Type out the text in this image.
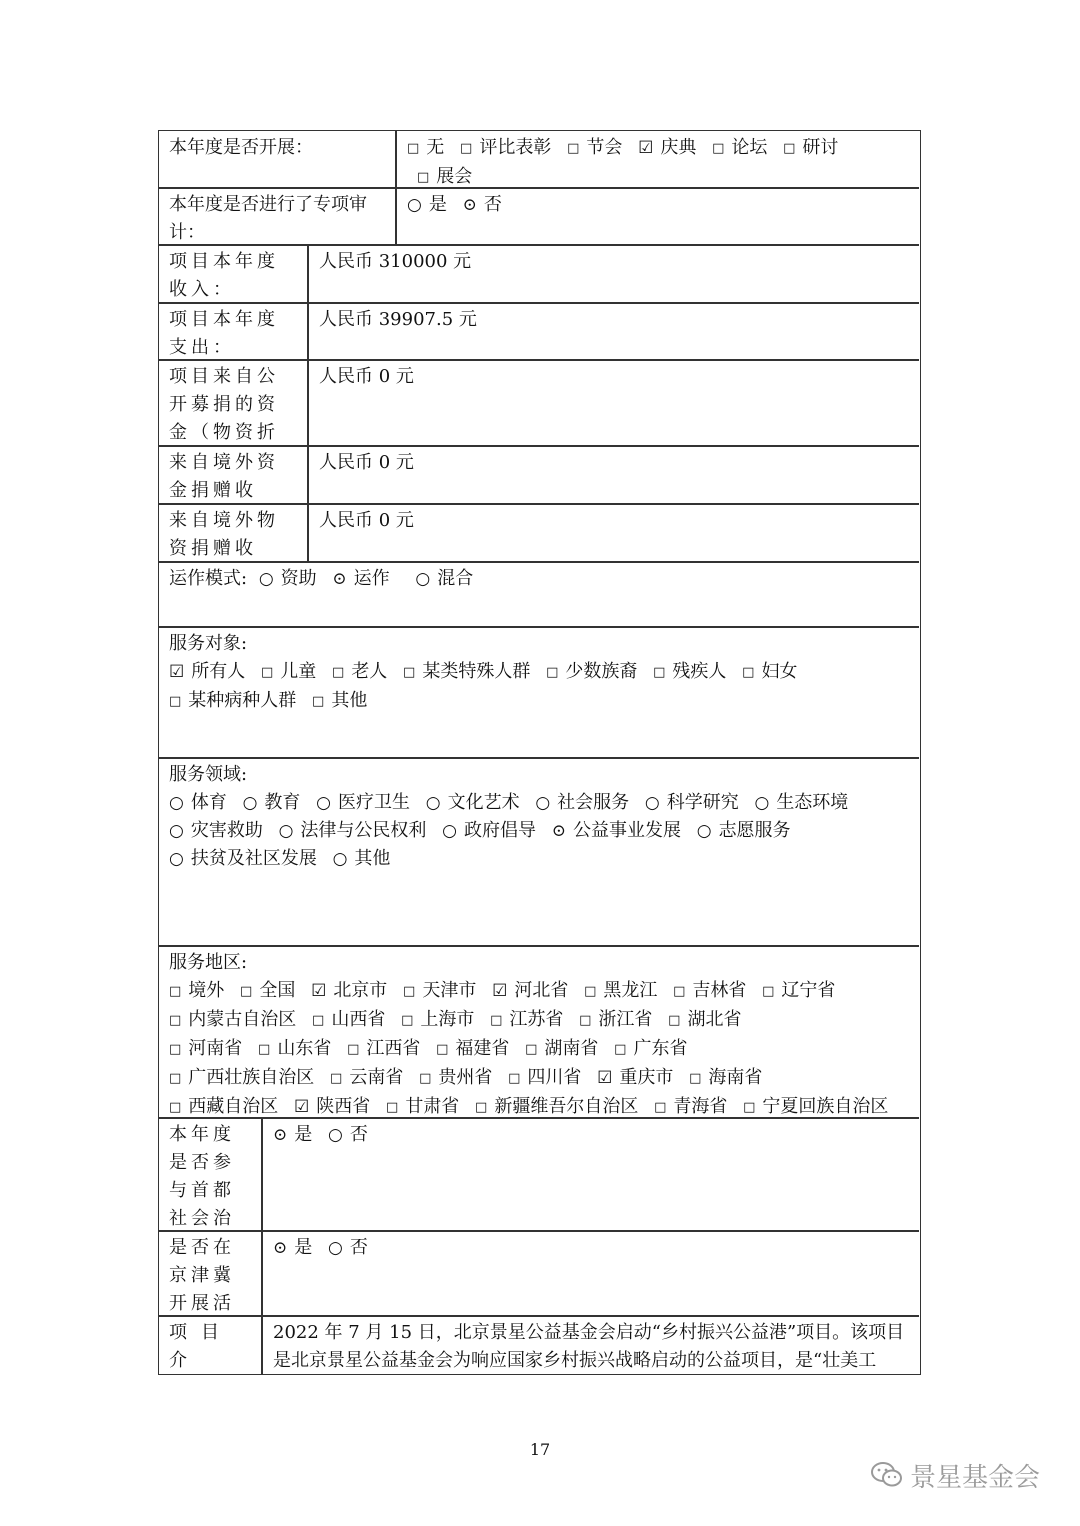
本年度是否开展：	□ 无 □ 评比表彰 □ 节会 ☑ 庆典 □ 论坛 □ 研讨 □ 展会

本年度是否进行了专项审计：
○ 是 ⊙ 否
项目本年度收入：
人民币 310000 元
项目本年度支出：
人民币 39907.5 元
项目来自公开募捐的资金（物资折
人民币 0 元
来自境外资金捐赠收
人民币 0 元
来自境外物资捐赠收
人民币 0 元
运作模式: ○ 资助 ⊙ 运作 ○ 混合
服务对象:
☑ 所有人 □ 儿童 □ 老人 □ 某类特殊人群 □ 少数族裔 □ 残疾人 □ 妇女
□ 某种病种人群 □ 其他
服务领域:
○ 体育 ○ 教育 ○ 医疗卫生 ○ 文化艺术 ○ 社会服务 ○ 科学研究 ○ 生态环境
○ 灾害救助 ○ 法律与公民权利 ○ 政府倡导 ⊙ 公益事业发展 ○ 志愿服务
○ 扶贫及社区发展 ○ 其他
服务地区:
□ 境外 □ 全国 ☑ 北京市 □ 天津市 ☑ 河北省 □ 黑龙江 □ 吉林省 □ 辽宁省
□ 内蒙古自治区 □ 山西省 □ 上海市 □ 江苏省 □ 浙江省 □ 湖北省
□ 河南省 □ 山东省 □ 江西省 □ 福建省 □ 湖南省 □ 广东省
□ 广西壮族自治区 □ 云南省 □ 贵州省 □ 四川省 ☑ 重庆市 □ 海南省
□ 西藏自治区 ☑ 陕西省 □ 甘肃省 □ 新疆维吾尔自治区 □ 青海省 □ 宁夏回族自治区
本年度是否参与首都社会治
⊙ 是 ○ 否
是否在京津冀开展活
⊙ 是 ○ 否
项目介
2022 年 7 月 15 日，北京景星公益基金会启动“乡村振兴公益港”项目。该项目是北京景星公益基金会为响应国家乡村振兴战略启动的公益项目，是“壮美工
17
景星基金会
